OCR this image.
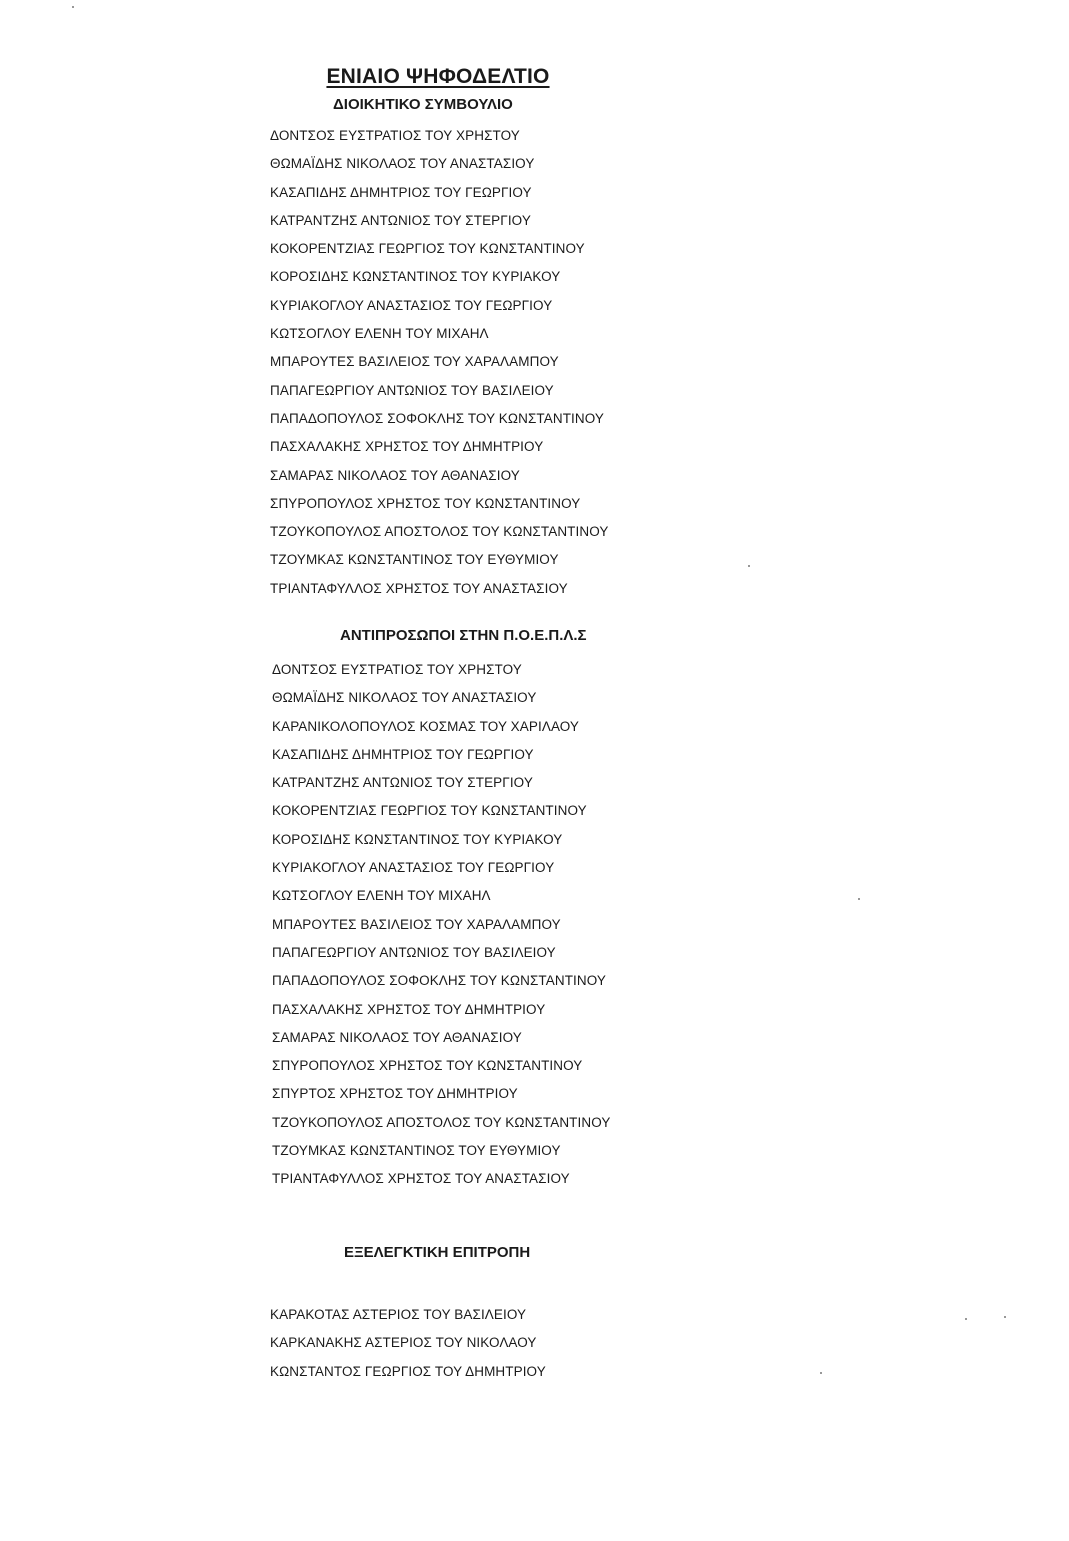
ΕΝΙΑΙΟ ΨΗΦΟΔΕΛΤΙΟ
ΔΙΟΙΚΗΤΙΚΟ ΣΥΜΒΟΥΛΙΟ
ΔΟΝΤΣΟΣ ΕΥΣΤΡΑΤΙΟΣ ΤΟΥ ΧΡΗΣΤΟΥ
ΘΩΜΑΪΔΗΣ ΝΙΚΟΛΑΟΣ ΤΟΥ ΑΝΑΣΤΑΣΙΟΥ
ΚΑΣΑΠΙΔΗΣ ΔΗΜΗΤΡΙΟΣ ΤΟΥ ΓΕΩΡΓΙΟΥ
ΚΑΤΡΑΝΤΖΗΣ ΑΝΤΩΝΙΟΣ ΤΟΥ ΣΤΕΡΓΙΟΥ
ΚΟΚΟΡΕΝΤΖΙΑΣ ΓΕΩΡΓΙΟΣ ΤΟΥ ΚΩΝΣΤΑΝΤΙΝΟΥ
ΚΟΡΟΣΙΔΗΣ ΚΩΝΣΤΑΝΤΙΝΟΣ ΤΟΥ ΚΥΡΙΑΚΟΥ
ΚΥΡΙΑΚΟΓΛΟΥ ΑΝΑΣΤΑΣΙΟΣ ΤΟΥ ΓΕΩΡΓΙΟΥ
ΚΩΤΣΟΓΛΟΥ ΕΛΕΝΗ ΤΟΥ ΜΙΧΑΗΛ
ΜΠΑΡΟΥΤΕΣ ΒΑΣΙΛΕΙΟΣ ΤΟΥ ΧΑΡΑΛΑΜΠΟΥ
ΠΑΠΑΓΕΩΡΓΙΟΥ ΑΝΤΩΝΙΟΣ ΤΟΥ ΒΑΣΙΛΕΙΟΥ
ΠΑΠΑΔΟΠΟΥΛΟΣ ΣΟΦΟΚΛΗΣ ΤΟΥ ΚΩΝΣΤΑΝΤΙΝΟΥ
ΠΑΣΧΑΛΑΚΗΣ ΧΡΗΣΤΟΣ ΤΟΥ ΔΗΜΗΤΡΙΟΥ
ΣΑΜΑΡΑΣ ΝΙΚΟΛΑΟΣ ΤΟΥ ΑΘΑΝΑΣΙΟΥ
ΣΠΥΡΟΠΟΥΛΟΣ ΧΡΗΣΤΟΣ ΤΟΥ ΚΩΝΣΤΑΝΤΙΝΟΥ
ΤΖΟΥΚΟΠΟΥΛΟΣ ΑΠΟΣΤΟΛΟΣ ΤΟΥ ΚΩΝΣΤΑΝΤΙΝΟΥ
ΤΖΟΥΜΚΑΣ ΚΩΝΣΤΑΝΤΙΝΟΣ ΤΟΥ ΕΥΘΥΜΙΟΥ
ΤΡΙΑΝΤΑΦΥΛΛΟΣ ΧΡΗΣΤΟΣ ΤΟΥ ΑΝΑΣΤΑΣΙΟΥ
ΑΝΤΙΠΡΟΣΩΠΟΙ ΣΤΗΝ Π.Ο.Ε.Π.Λ.Σ
ΔΟΝΤΣΟΣ ΕΥΣΤΡΑΤΙΟΣ ΤΟΥ ΧΡΗΣΤΟΥ
ΘΩΜΑΪΔΗΣ ΝΙΚΟΛΑΟΣ ΤΟΥ ΑΝΑΣΤΑΣΙΟΥ
ΚΑΡΑΝΙΚΟΛΟΠΟΥΛΟΣ ΚΟΣΜΑΣ ΤΟΥ ΧΑΡΙΛΑΟΥ
ΚΑΣΑΠΙΔΗΣ ΔΗΜΗΤΡΙΟΣ ΤΟΥ ΓΕΩΡΓΙΟΥ
ΚΑΤΡΑΝΤΖΗΣ ΑΝΤΩΝΙΟΣ ΤΟΥ ΣΤΕΡΓΙΟΥ
ΚΟΚΟΡΕΝΤΖΙΑΣ ΓΕΩΡΓΙΟΣ ΤΟΥ ΚΩΝΣΤΑΝΤΙΝΟΥ
ΚΟΡΟΣΙΔΗΣ ΚΩΝΣΤΑΝΤΙΝΟΣ ΤΟΥ ΚΥΡΙΑΚΟΥ
ΚΥΡΙΑΚΟΓΛΟΥ ΑΝΑΣΤΑΣΙΟΣ ΤΟΥ ΓΕΩΡΓΙΟΥ
ΚΩΤΣΟΓΛΟΥ ΕΛΕΝΗ ΤΟΥ ΜΙΧΑΗΛ
ΜΠΑΡΟΥΤΕΣ ΒΑΣΙΛΕΙΟΣ ΤΟΥ ΧΑΡΑΛΑΜΠΟΥ
ΠΑΠΑΓΕΩΡΓΙΟΥ ΑΝΤΩΝΙΟΣ ΤΟΥ ΒΑΣΙΛΕΙΟΥ
ΠΑΠΑΔΟΠΟΥΛΟΣ ΣΟΦΟΚΛΗΣ ΤΟΥ ΚΩΝΣΤΑΝΤΙΝΟΥ
ΠΑΣΧΑΛΑΚΗΣ ΧΡΗΣΤΟΣ ΤΟΥ ΔΗΜΗΤΡΙΟΥ
ΣΑΜΑΡΑΣ ΝΙΚΟΛΑΟΣ ΤΟΥ ΑΘΑΝΑΣΙΟΥ
ΣΠΥΡΟΠΟΥΛΟΣ ΧΡΗΣΤΟΣ ΤΟΥ ΚΩΝΣΤΑΝΤΙΝΟΥ
ΣΠΥΡΤΟΣ ΧΡΗΣΤΟΣ ΤΟΥ ΔΗΜΗΤΡΙΟΥ
ΤΖΟΥΚΟΠΟΥΛΟΣ ΑΠΟΣΤΟΛΟΣ ΤΟΥ ΚΩΝΣΤΑΝΤΙΝΟΥ
ΤΖΟΥΜΚΑΣ ΚΩΝΣΤΑΝΤΙΝΟΣ ΤΟΥ ΕΥΘΥΜΙΟΥ
ΤΡΙΑΝΤΑΦΥΛΛΟΣ ΧΡΗΣΤΟΣ ΤΟΥ ΑΝΑΣΤΑΣΙΟΥ
ΕΞΕΛΕΓΚΤΙΚΗ ΕΠΙΤΡΟΠΗ
ΚΑΡΑΚΟΤΑΣ ΑΣΤΕΡΙΟΣ ΤΟΥ ΒΑΣΙΛΕΙΟΥ
ΚΑΡΚΑΝΑΚΗΣ ΑΣΤΕΡΙΟΣ ΤΟΥ ΝΙΚΟΛΑΟΥ
ΚΩΝΣΤΑΝΤΟΣ ΓΕΩΡΓΙΟΣ ΤΟΥ ΔΗΜΗΤΡΙΟΥ
